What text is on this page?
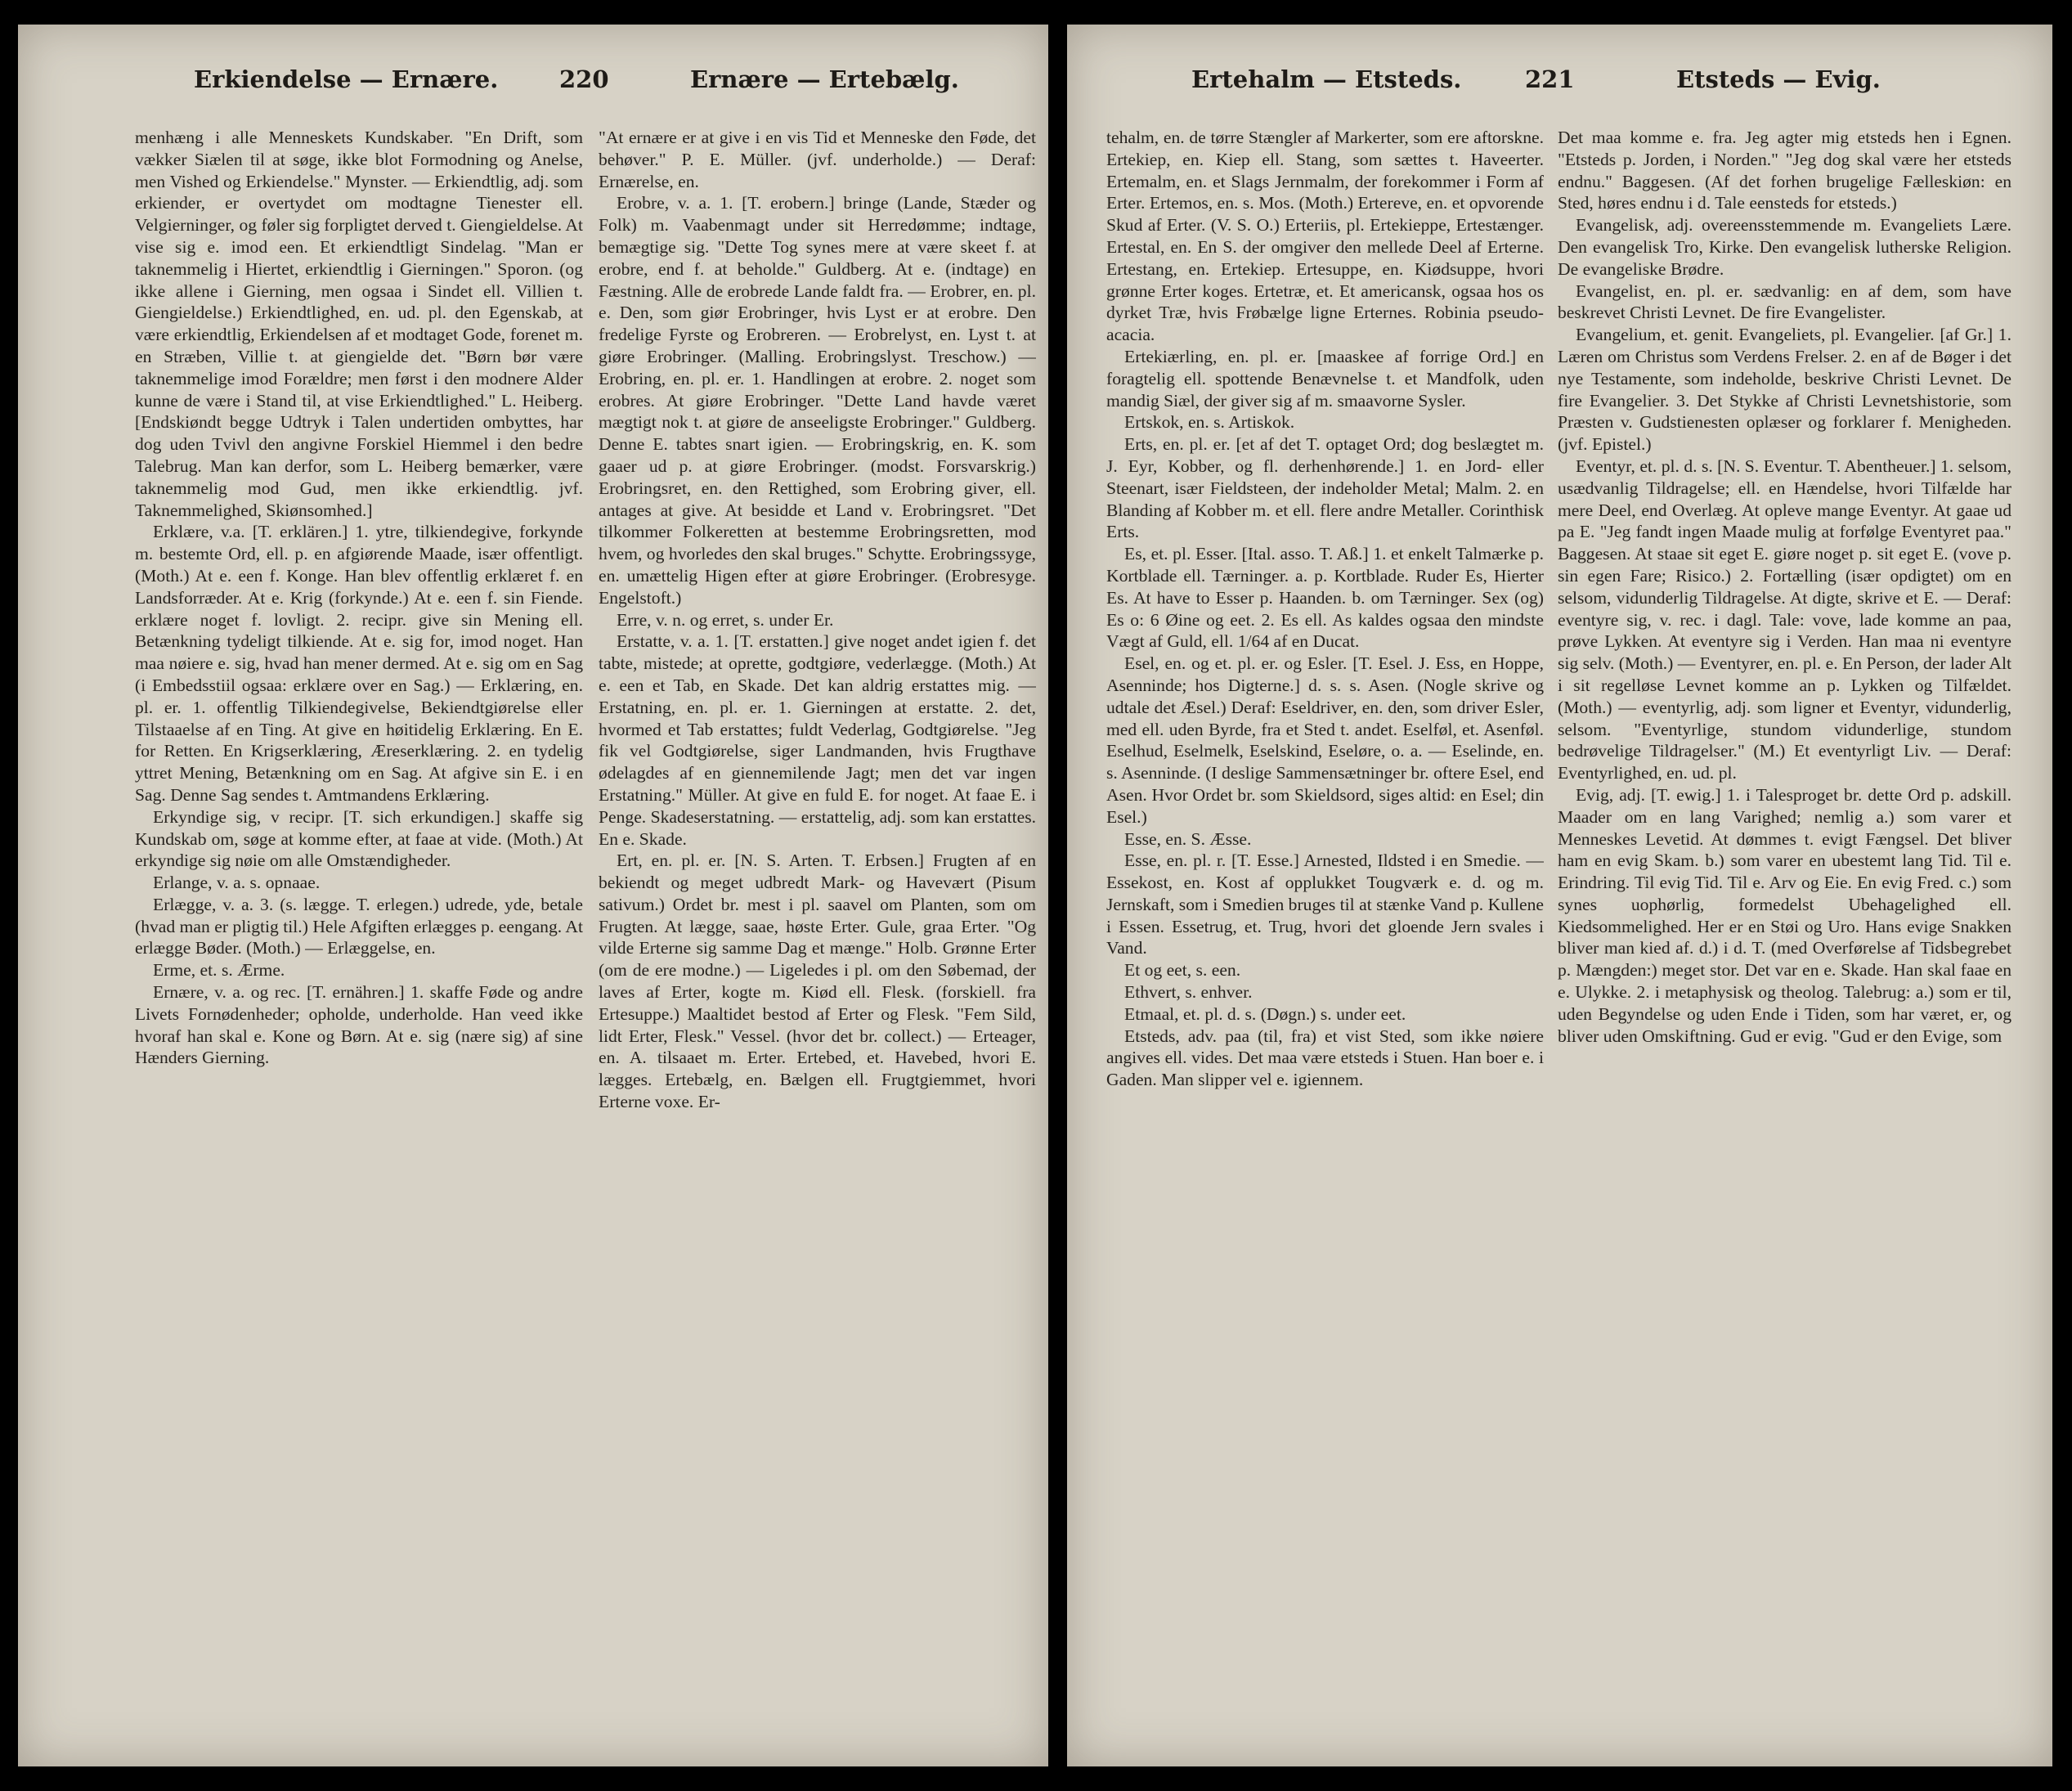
Erkiendelse — Ernære.	220	Ernære — Ertebælg.

menhæng i alle Menneskets Kundskaber. "En Drift, som vækker Siælen til at søge, ikke blot Formodning og Anelse, men Vished og Erkiendelse." Mynster. — Erkiendtlig, adj. som erkiender, er overtydet om modtagne Tienester ell. Velgierninger, og føler sig forpligtet derved t. Giengieldelse. At vise sig e. imod een. Et erkiendtligt Sindelag. "Man er taknemmelig i Hiertet, erkiendtlig i Gierningen." Sporon. (og ikke allene i Gierning, men ogsaa i Sindet ell. Villien t. Giengieldelse.) Erkiendtlighed, en. ud. pl. den Egenskab, at være erkiendtlig, Erkiendelsen af et modtaget Gode, forenet m. en Stræben, Villie t. at giengielde det. "Børn bør være taknemmelige imod Forældre; men først i den modnere Alder kunne de være i Stand til, at vise Erkiendtlighed." L. Heiberg. [Endskiøndt begge Udtryk i Talen undertiden ombyttes, har dog uden Tvivl den angivne Forskiel Hiemmel i den bedre Talebrug. Man kan derfor, som L. Heiberg bemærker, være taknemmelig mod Gud, men ikke erkiendtlig. jvf. Taknemmelighed, Skiønsomhed.]

Erklære, v.a. [T. erklären.] 1. ytre, tilkiendegive, forkynde m. bestemte Ord, ell. p. en afgiørende Maade, især offentligt. (Moth.) At e. een f. Konge. Han blev offentlig erklæret f. en Landsforræder. At e. Krig (forkynde.) At e. een f. sin Fiende. erklære noget f. lovligt. 2. recipr. give sin Mening ell. Betænkning tydeligt tilkiende. At e. sig for, imod noget. Han maa nøiere e. sig, hvad han mener dermed. At e. sig om en Sag (i Embedsstiil ogsaa: erklære over en Sag.) — Erklæring, en. pl. er. 1. offentlig Tilkiendegivelse, Bekiendtgiørelse eller Tilstaaelse af en Ting. At give en høitidelig Erklæring. En E. for Retten. En Krigserklæring, Æreserklæring. 2. en tydelig yttret Mening, Betænkning om en Sag. At afgive sin E. i en Sag. Denne Sag sendes t. Amtmandens Erklæring.

Erkyndige sig, v recipr. [T. sich erkundigen.] skaffe sig Kundskab om, søge at komme efter, at faae at vide. (Moth.) At erkyndige sig nøie om alle Omstændigheder.

Erlange, v. a. s. opnaae.

Erlægge, v. a. 3. (s. lægge. T. erlegen.) udrede, yde, betale (hvad man er pligtig til.) Hele Afgiften erlægges p. eengang. At erlægge Bøder. (Moth.) — Erlæggelse, en.

Erme, et. s. Ærme.

Ernære, v. a. og rec. [T. ernähren.] 1. skaffe Føde og andre Livets Fornødenheder; opholde, underholde. Han veed ikke hvoraf han skal e. Kone og Børn. At e. sig (nære sig) af sine Hænders Gierning.

"At ernære er at give i en vis Tid et Menneske den Føde, det behøver." P. E. Müller. (jvf. underholde.) — Deraf: Ernærelse, en.

Erobre, v. a. 1. [T. erobern.] bringe (Lande, Stæder og Folk) m. Vaabenmagt under sit Herredømme; indtage, bemægtige sig. "Dette Tog synes mere at være skeet f. at erobre, end f. at beholde." Guldberg. At e. (indtage) en Fæstning. Alle de erobrede Lande faldt fra. — Erobrer, en. pl. e. Den, som giør Erobringer, hvis Lyst er at erobre. Den fredelige Fyrste og Erobreren. — Erobrelyst, en. Lyst t. at giøre Erobringer. (Malling. Erobringslyst. Treschow.) — Erobring, en. pl. er. 1. Handlingen at erobre. 2. noget som erobres. At giøre Erobringer. "Dette Land havde været mægtigt nok t. at giøre de anseeligste Erobringer." Guldberg. Denne E. tabtes snart igien. — Erobringskrig, en. K. som gaaer ud p. at giøre Erobringer. (modst. Forsvarskrig.) Erobringsret, en. den Rettighed, som Erobring giver, ell. antages at give. At besidde et Land v. Erobringsret. "Det tilkommer Folkeretten at bestemme Erobringsretten, mod hvem, og hvorledes den skal bruges." Schytte. Erobringssyge, en. umættelig Higen efter at giøre Erobringer. (Erobresyge. Engelstoft.)

Erre, v. n. og erret, s. under Er.

Erstatte, v. a. 1. [T. erstatten.] give noget andet igien f. det tabte, mistede; at oprette, godtgiøre, vederlægge. (Moth.) At e. een et Tab, en Skade. Det kan aldrig erstattes mig. — Erstatning, en. pl. er. 1. Gierningen at erstatte. 2. det, hvormed et Tab erstattes; fuldt Vederlag, Godtgiørelse. "Jeg fik vel Godtgiørelse, siger Landmanden, hvis Frugthave ødelagdes af en giennemilende Jagt; men det var ingen Erstatning." Müller. At give en fuld E. for noget. At faae E. i Penge. Skadeserstatning. — erstattelig, adj. som kan erstattes. En e. Skade.

Ert, en. pl. er. [N. S. Arten. T. Erbsen.] Frugten af en bekiendt og meget udbredt Mark- og Havevært (Pisum sativum.) Ordet br. mest i pl. saavel om Planten, som om Frugten. At lægge, saae, høste Erter. Gule, graa Erter. "Og vilde Erterne sig samme Dag et mænge." Holb. Grønne Erter (om de ere modne.) — Ligeledes i pl. om den Søbemad, der laves af Erter, kogte m. Kiød ell. Flesk. (forskiell. fra Ertesuppe.) Maaltidet bestod af Erter og Flesk. "Fem Sild, lidt Erter, Flesk." Vessel. (hvor det br. collect.) — Erteager, en. A. tilsaaet m. Erter. Ertebed, et. Havebed, hvori E. lægges. Ertebælg, en. Bælgen ell. Frugtgiemmet, hvori Erterne voxe. Er-

Ertehalm — Etsteds.	221	Etsteds — Evig.

tehalm, en. de tørre Stængler af Markerter, som ere aftorsknе. Ertekiep, en. Kiep ell. Stang, som sættes t. Haveerter. Ertemalm, en. et Slags Jernmalm, der forekommer i Form af Erter. Ertemos, en. s. Mos. (Moth.) Ertereve, en. et opvorende Skud af Erter. (V. S. O.) Erteriis, pl. Ertekieppe, Ertestænger. Ertestal, en. En S. der omgiver den mellede Deel af Erterne. Ertestang, en. Ertekiep. Ertesuppe, en. Kiødsuppe, hvori grønne Erter koges. Ertetræ, et. Et americansk, ogsaa hos os dyrket Træ, hvis Frøbælge ligne Erternes. Robinia pseudo-acacia.

Ertekiærling, en. pl. er. [maaskee af forrige Ord.] en foragtelig ell. spottende Benævnelse t. et Mandfolk, uden mandig Siæl, der giver sig af m. smaavorne Sysler.

Ertskok, en. s. Artiskok.

Erts, en. pl. er. [et af det T. optaget Ord; dog beslægtet m. J. Eyr, Kobber, og fl. derhenhørende.] 1. en Jord- eller Steenart, især Fieldsteen, der indeholder Metal; Malm. 2. en Blanding af Kobber m. et ell. flere andre Metaller. Corinthisk Erts.

Es, et. pl. Esser. [Ital. asso. T. Aß.] 1. et enkelt Talmærke p. Kortblade ell. Tærninger. a. p. Kortblade. Ruder Es, Hierter Es. At have to Esser p. Haanden. b. om Tærninger. Sex (og) Es o: 6 Øine og eet. 2. Es ell. As kaldes ogsaa den mindste Vægt af Guld, ell. 1/64 af en Ducat.

Esel, en. og et. pl. er. og Esler. [T. Esel. J. Ess, en Hoppe, Asenninde; hos Digterne.] d. s. s. Asen. (Nogle skrive og udtale det Æsel.) Deraf: Eseldriver, en. den, som driver Esler, med ell. uden Byrde, fra et Sted t. andet. Eselføl, et. Asenføl. Eselhud, Eselmelk, Eselskind, Eseløre, o. a. — Eselinde, en. s. Asenninde. (I deslige Sammensætninger br. oftere Esel, end Asen. Hvor Ordet br. som Skieldsord, siges altid: en Esel; din Esel.)

Esse, en. S. Æsse.

Esse, en. pl. r. [T. Esse.] Arnested, Ildsted i en Smedie. — Essekost, en. Kost af opplukket Tougværk e. d. og m. Jernskaft, som i Smedien bruges til at stænke Vand p. Kullene i Essen. Essetrug, et. Trug, hvori det gloende Jern svales i Vand.

Et og eet, s. een.

Ethvert, s. enhver.

Etmaal, et. pl. d. s. (Døgn.) s. under eet.

Etsteds, adv. paa (til, fra) et vist Sted, som ikke nøiere angives ell. vides. Det maa være etsteds i Stuen. Han boer e. i Gaden. Man slipper vel e. igiennem.

Det maa komme e. fra. Jeg agter mig etsteds hen i Egnen. "Etsteds p. Jorden, i Norden." "Jeg dog skal være her etsteds endnu." Baggesen. (Af det forhen brugelige Fælleskiøn: en Sted, høres endnu i d. Tale eensteds for etsteds.)

Evangelisk, adj. overeensstemmende m. Evangeliets Lære. Den evangelisk Tro, Kirke. Den evangelisk lutherske Religion. De evangeliske Brødre.

Evangelist, en. pl. er. sædvanlig: en af dem, som have beskrevet Christi Levnet. De fire Evangelister.

Evangelium, et. genit. Evangeliets, pl. Evangelier. [af Gr.] 1. Læren om Christus som Verdens Frelser. 2. en af de Bøger i det nye Testamente, som indeholde, beskrive Christi Levnet. De fire Evangelier. 3. Det Stykke af Christi Levnetshistorie, som Præsten v. Gudstienesten oplæser og forklarer f. Menigheden. (jvf. Epistel.)

Eventyr, et. pl. d. s. [N. S. Eventur. T. Abentheuer.] 1. selsom, usædvanlig Tildragelse; ell. en Hændelse, hvori Tilfælde har mere Deel, end Overlæg. At opleve mange Eventyr. At gaae ud pa E. "Jeg fandt ingen Maade mulig at forfølge Eventyret paa." Baggesen. At staae sit eget E. giøre noget p. sit eget E. (vove p. sin egen Fare; Risico.) 2. Fortælling (især opdigtet) om en selsom, vidunderlig Tildragelse. At digte, skrive et E. — Deraf: eventyre sig, v. rec. i dagl. Tale: vove, lade komme an paa, prøve Lykken. At eventyre sig i Verden. Han maa ni eventyre sig selv. (Moth.) — Eventyrer, en. pl. e. En Person, der lader Alt i sit regelløse Levnet komme an p. Lykken og Tilfældet. (Moth.) — eventyrlig, adj. som ligner et Eventyr, vidunderlig, selsom. "Eventyrlige, stundom vidunderlige, stundom bedrøvelige Tildragelser." (M.) Et eventyrligt Liv. — Deraf: Eventyrlighed, en. ud. pl.

Evig, adj. [T. ewig.] 1. i Talesproget br. dette Ord p. adskill. Maader om en lang Varighed; nemlig a.) som varer et Menneskes Levetid. At dømmes t. evigt Fængsel. Det bliver ham en evig Skam. b.) som varer en ubestemt lang Tid. Til e. Erindring. Til evig Tid. Til e. Arv og Eie. En evig Fred. c.) som synes uophørlig, formedelst Ubehagelighed ell. Kiedsommelighed. Her er en Støi og Uro. Hans evige Snakken bliver man kied af. d.) i d. T. (med Overførelse af Tidsbegrebet p. Mængden:) meget stor. Det var en e. Skade. Han skal faae en e. Ulykke. 2. i metaphysisk og theolog. Talebrug: a.) som er til, uden Begyndelse og uden Ende i Tiden, som har været, er, og bliver uden Omskiftning. Gud er evig. "Gud er den Evige, som
